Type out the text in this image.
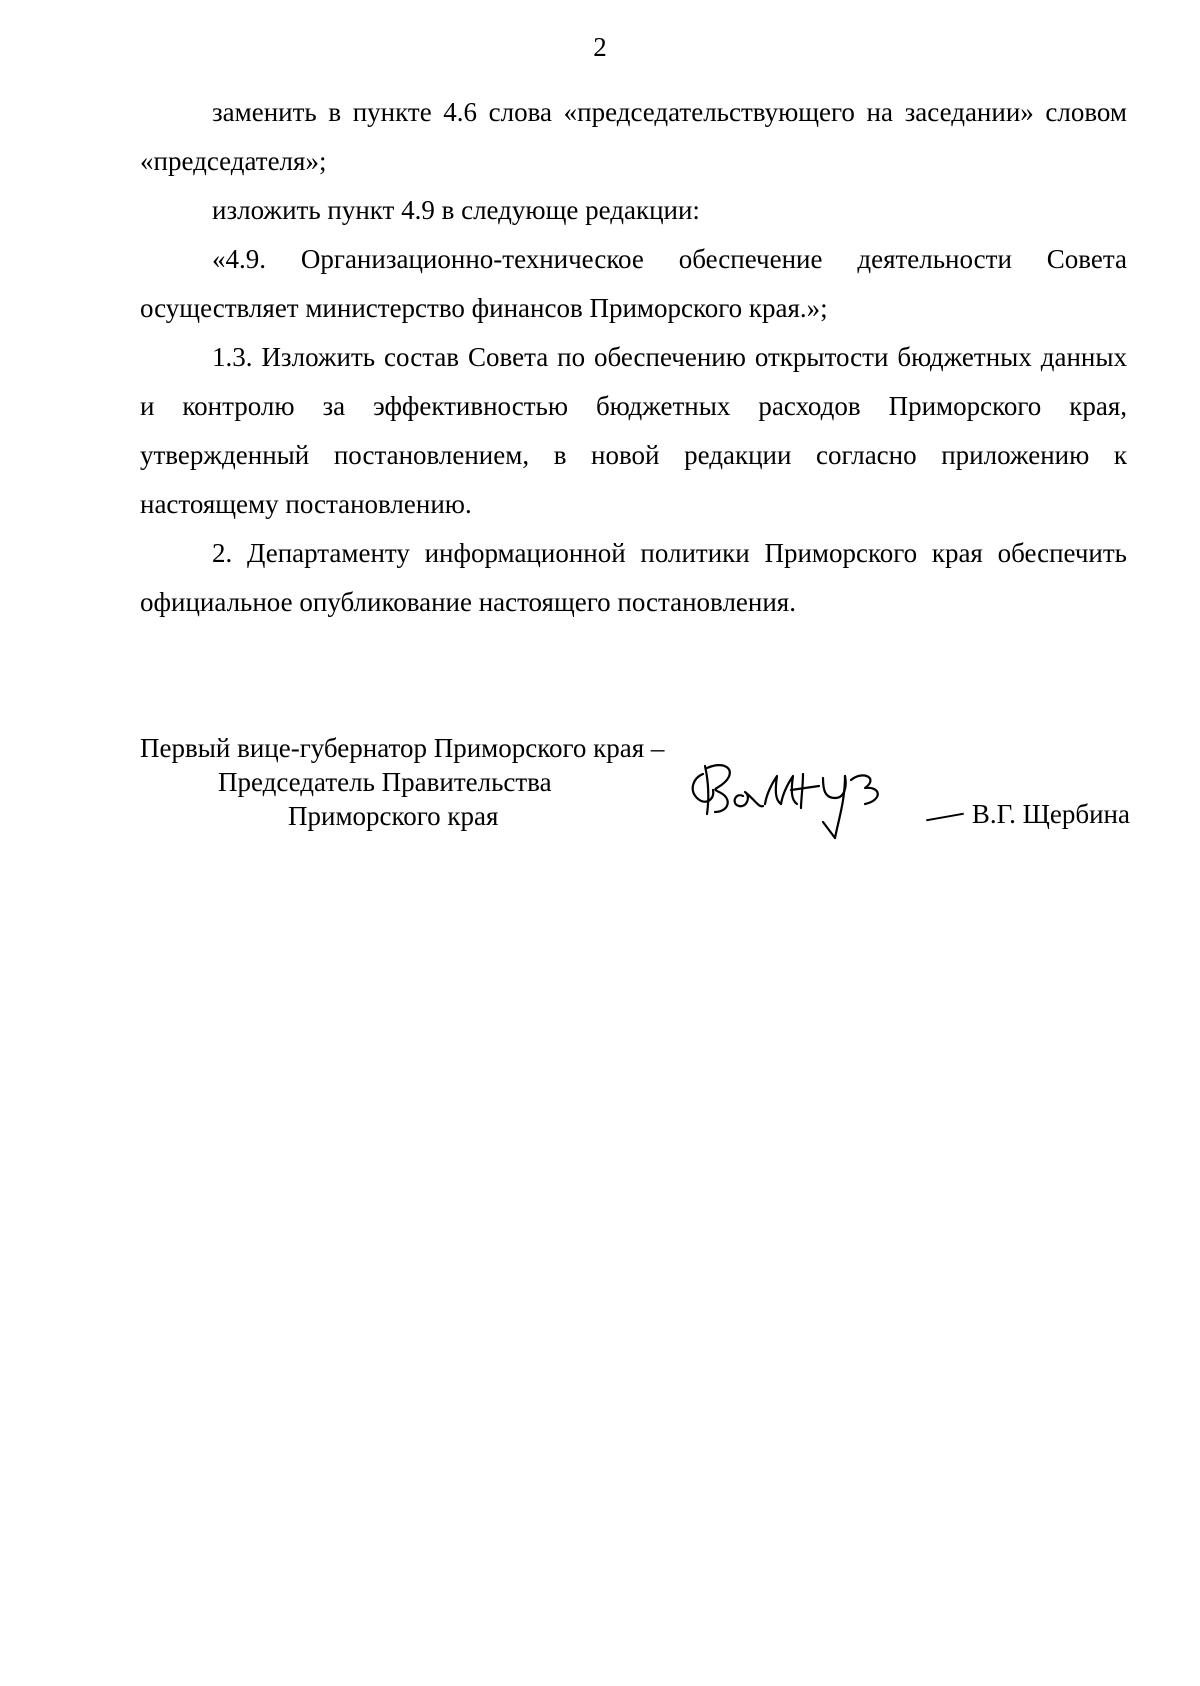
2

заменить в пункте 4.6 слова «председательствующего на заседании» словом «председателя»;

изложить пункт 4.9 в следующе редакции:

«4.9. Организационно-техническое обеспечение деятельности Совета осуществляет министерство финансов Приморского края.»;

1.3. Изложить состав Совета по обеспечению открытости бюджетных данных и контролю за эффективностью бюджетных расходов Приморского края, утвержденный постановлением, в новой редакции согласно приложению к настоящему постановлению.

2. Департаменту информационной политики Приморского края обеспечить официальное опубликование настоящего постановления.

Первый вице-губернатор Приморского края –
Председатель Правительства
Приморского края	В.Г. Щербина
